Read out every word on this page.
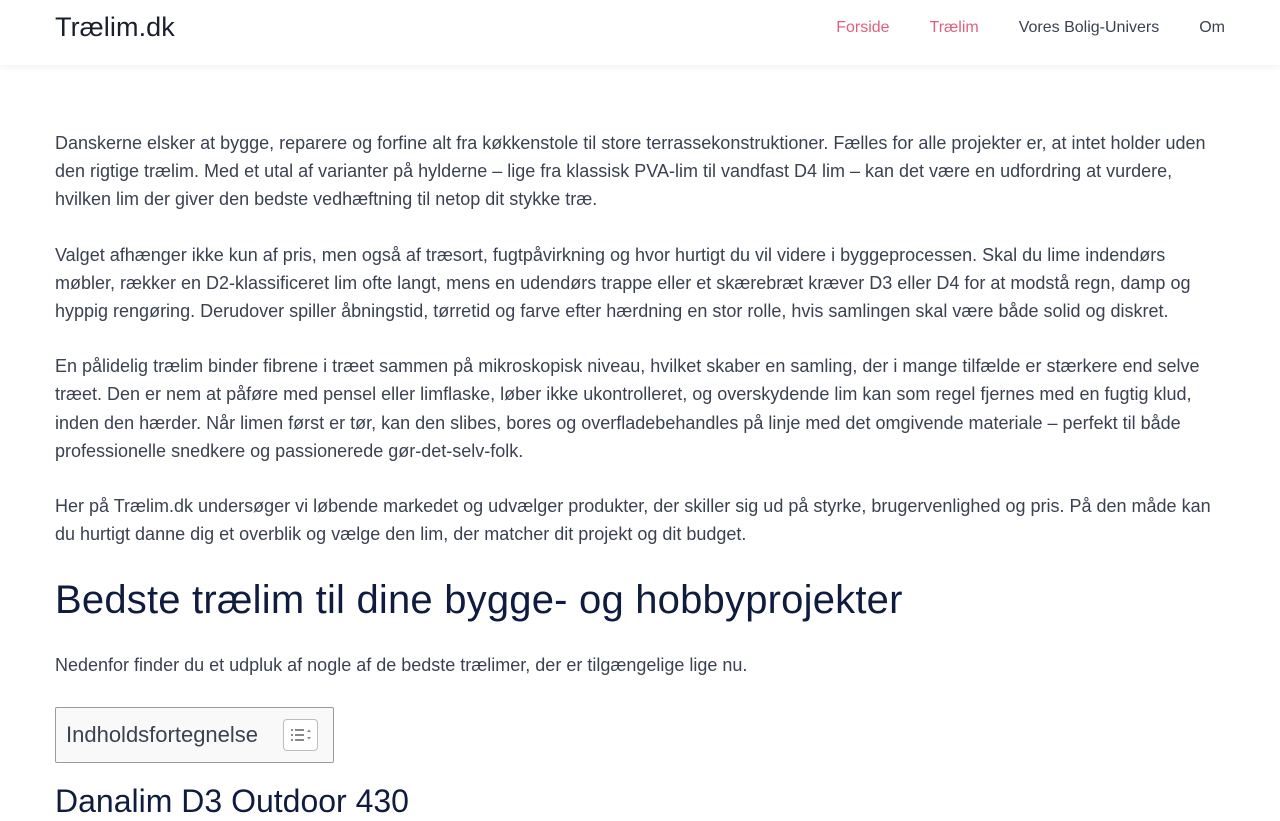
Trælim.dk	Forside	Trælim	Vores Bolig-Univers	Om

Danskerne elsker at bygge, reparere og forfine alt fra køkkenstole til store terrassekonstruktioner. Fælles for alle projekter er, at intet holder uden den rigtige trælim. Med et utal af varianter på hylderne – lige fra klassisk PVA-lim til vandfast D4 lim – kan det være en udfordring at vurdere, hvilken lim der giver den bedste vedhæftning til netop dit stykke træ.

Valget afhænger ikke kun af pris, men også af træsort, fugtpåvirkning og hvor hurtigt du vil videre i byggeprocessen. Skal du lime indendørs møbler, rækker en D2-klassificeret lim ofte langt, mens en udendørs trappe eller et skærebræt kræver D3 eller D4 for at modstå regn, damp og hyppig rengøring. Derudover spiller åbningstid, tørretid og farve efter hærdning en stor rolle, hvis samlingen skal være både solid og diskret.

En pålidelig trælim binder fibrene i træet sammen på mikroskopisk niveau, hvilket skaber en samling, der i mange tilfælde er stærkere end selve træet. Den er nem at påføre med pensel eller limflaske, løber ikke ukontrolleret, og overskydende lim kan som regel fjernes med en fugtig klud, inden den hærder. Når limen først er tør, kan den slibes, bores og overfladebehandles på linje med det omgivende materiale – perfekt til både professionelle snedkere og passionerede gør-det-selv-folk.

Her på Trælim.dk undersøger vi løbende markedet og udvælger produkter, der skiller sig ud på styrke, brugervenlighed og pris. På den måde kan du hurtigt danne dig et overblik og vælge den lim, der matcher dit projekt og dit budget.

Bedste trælim til dine bygge- og hobbyprojekter

Nedenfor finder du et udpluk af nogle af de bedste trælimer, der er tilgængelige lige nu.

Indholdsfortegnelse
Danalim D3 Outdoor 430
